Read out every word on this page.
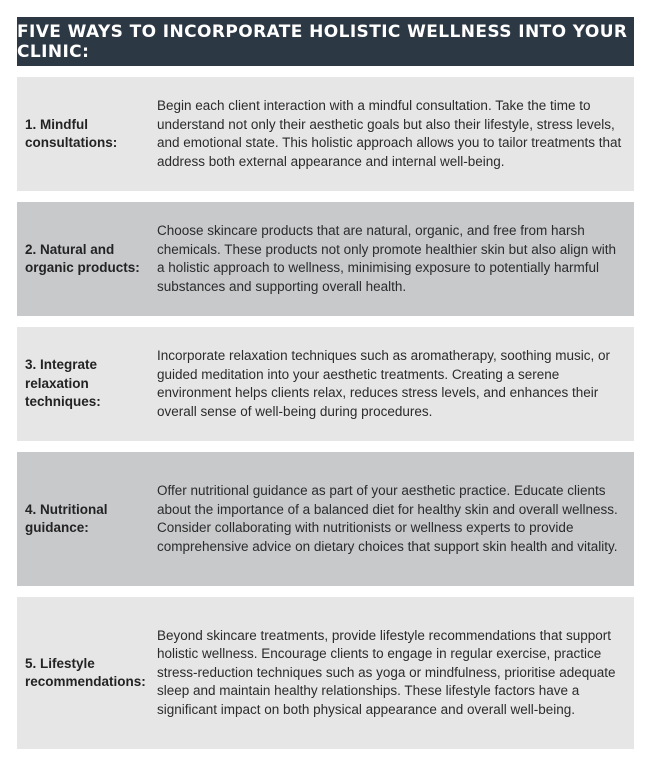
FIVE WAYS TO INCORPORATE HOLISTIC WELLNESS INTO YOUR CLINIC:
1. Mindful consultations:
Begin each client interaction with a mindful consultation. Take the time to understand not only their aesthetic goals but also their lifestyle, stress levels, and emotional state. This holistic approach allows you to tailor treatments that address both external appearance and internal well-being.
2. Natural and organic products:
Choose skincare products that are natural, organic, and free from harsh chemicals. These products not only promote healthier skin but also align with a holistic approach to wellness, minimising exposure to potentially harmful substances and supporting overall health.
3. Integrate relaxation techniques:
Incorporate relaxation techniques such as aromatherapy, soothing music, or guided meditation into your aesthetic treatments. Creating a serene environment helps clients relax, reduces stress levels, and enhances their overall sense of well-being during procedures.
4. Nutritional guidance:
Offer nutritional guidance as part of your aesthetic practice. Educate clients about the importance of a balanced diet for healthy skin and overall wellness. Consider collaborating with nutritionists or wellness experts to provide comprehensive advice on dietary choices that support skin health and vitality.
5. Lifestyle recommendations:
Beyond skincare treatments, provide lifestyle recommendations that support holistic wellness. Encourage clients to engage in regular exercise, practice stress-reduction techniques such as yoga or mindfulness, prioritise adequate sleep and maintain healthy relationships. These lifestyle factors have a significant impact on both physical appearance and overall well-being.
